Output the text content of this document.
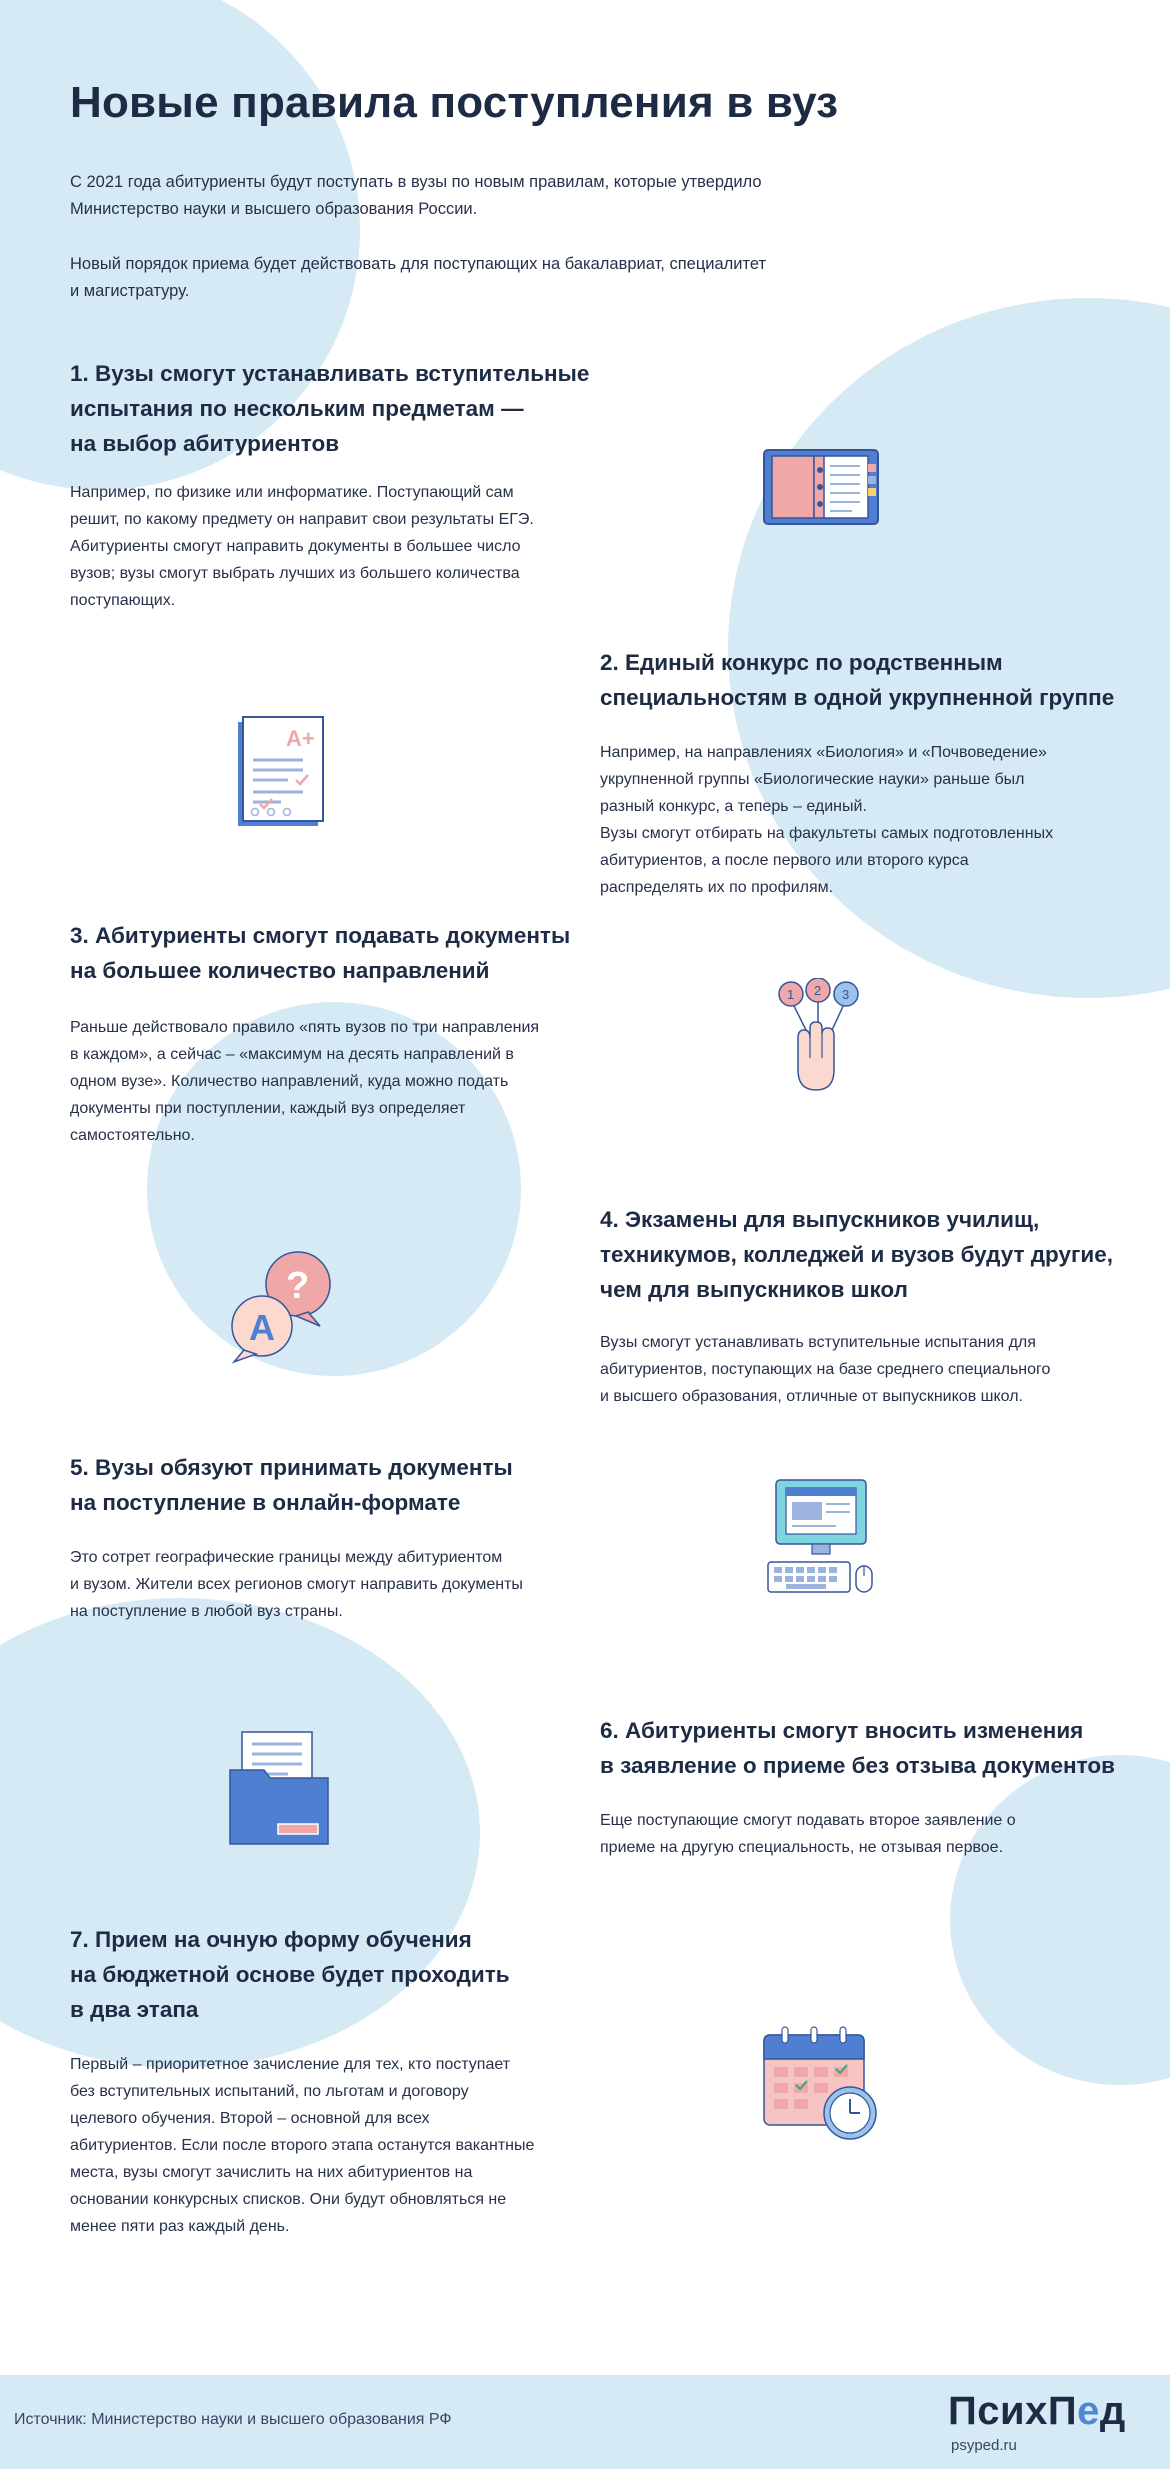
Новые правила поступления в вуз

С 2021 года абитуриенты будут поступать в вузы по новым правилам, которые утвердило
Министерство науки и высшего образования России.

Новый порядок приема будет действовать для поступающих на бакалавриат, специалитет
и магистратуру.

1. Вузы смогут устанавливать вступительные
испытания по нескольким предметам —
на выбор абитуриентов

Например, по физике или информатике. Поступающий сам
решит, по какому предмету он направит свои результаты ЕГЭ.
Абитуриенты смогут направить документы в большее число
вузов; вузы смогут выбрать лучших из большего количества
поступающих.

2. Единый конкурс по родственным
специальностям в одной укрупненной группе

Например, на направлениях «Биология» и «Почвоведение»
укрупненной группы «Биологические науки» раньше был
разный конкурс, а теперь – единый.
Вузы смогут отбирать на факультеты самых подготовленных
абитуриентов, а после первого или второго курса
распределять их по профилям.

A+
3. Абитуриенты смогут подавать документы
на большее количество направлений

Раньше действовало правило «пять вузов по три направления
в каждом», а сейчас – «максимум на десять направлений в
одном вузе». Количество направлений, куда можно подать
документы при поступлении, каждый вуз определяет
самостоятельно.

1 2 3
4. Экзамены для выпускников училищ,
техникумов, колледжей и вузов будут другие,
чем для выпускников школ

Вузы смогут устанавливать вступительные испытания для
абитуриентов, поступающих на базе среднего специального
и высшего образования, отличные от выпускников школ.

?
A
5. Вузы обязуют принимать документы
на поступление в онлайн-формате

Это сотрет географические границы между абитуриентом
и вузом. Жители всех регионов смогут направить документы
на поступление в любой вуз страны.

6. Абитуриенты смогут вносить изменения
в заявление о приеме без отзыва документов

Еще поступающие смогут подавать второе заявление о
приеме на другую специальность, не отзывая первое.

7. Прием на очную форму обучения
на бюджетной основе будет проходить
в два этапа

Первый – приоритетное зачисление для тех, кто поступает
без вступительных испытаний, по льготам и договору
целевого обучения. Второй – основной для всех
абитуриентов. Если после второго этапа останутся вакантные
места, вузы смогут зачислить на них абитуриентов на
основании конкурсных списков. Они будут обновляться не
менее пяти раз каждый день.

Источник: Министерство науки и высшего образования РФ	ПсихПед
psyped.ru
